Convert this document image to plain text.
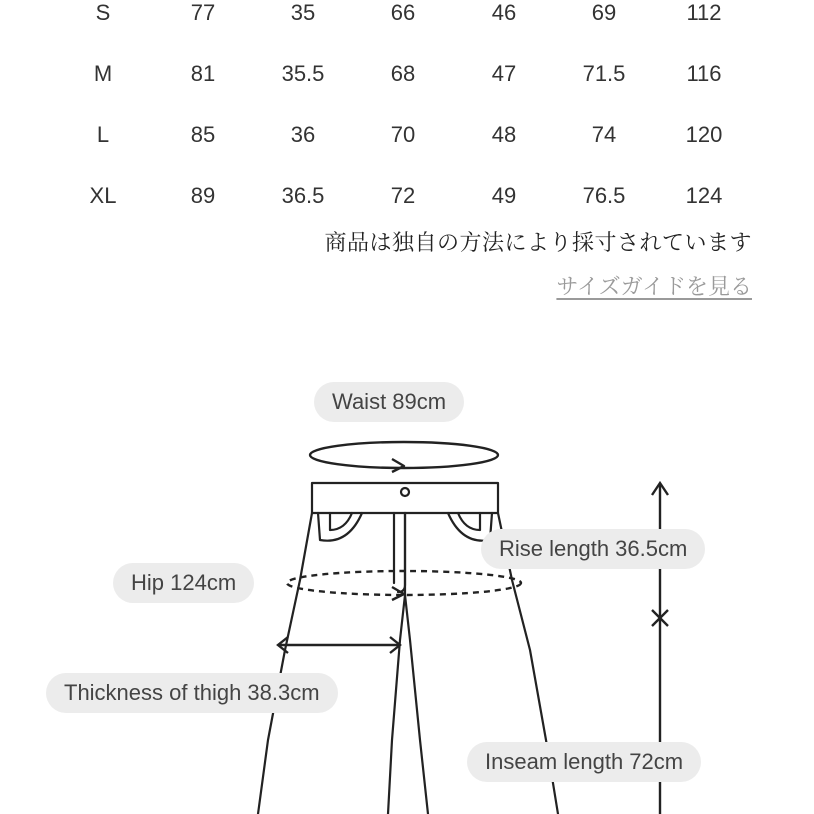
S	77	35	66	46	69	112
M	81	35.5	68	47	71.5	116
L	85	36	70	48	74	120
XL	89	36.5	72	49	76.5	124
商品は独自の方法により採寸されています
サイズガイドを見る
Waist 89cm
Rise length 36.5cm
Hip 124cm
Thickness of thigh 38.3cm
Inseam length 72cm
